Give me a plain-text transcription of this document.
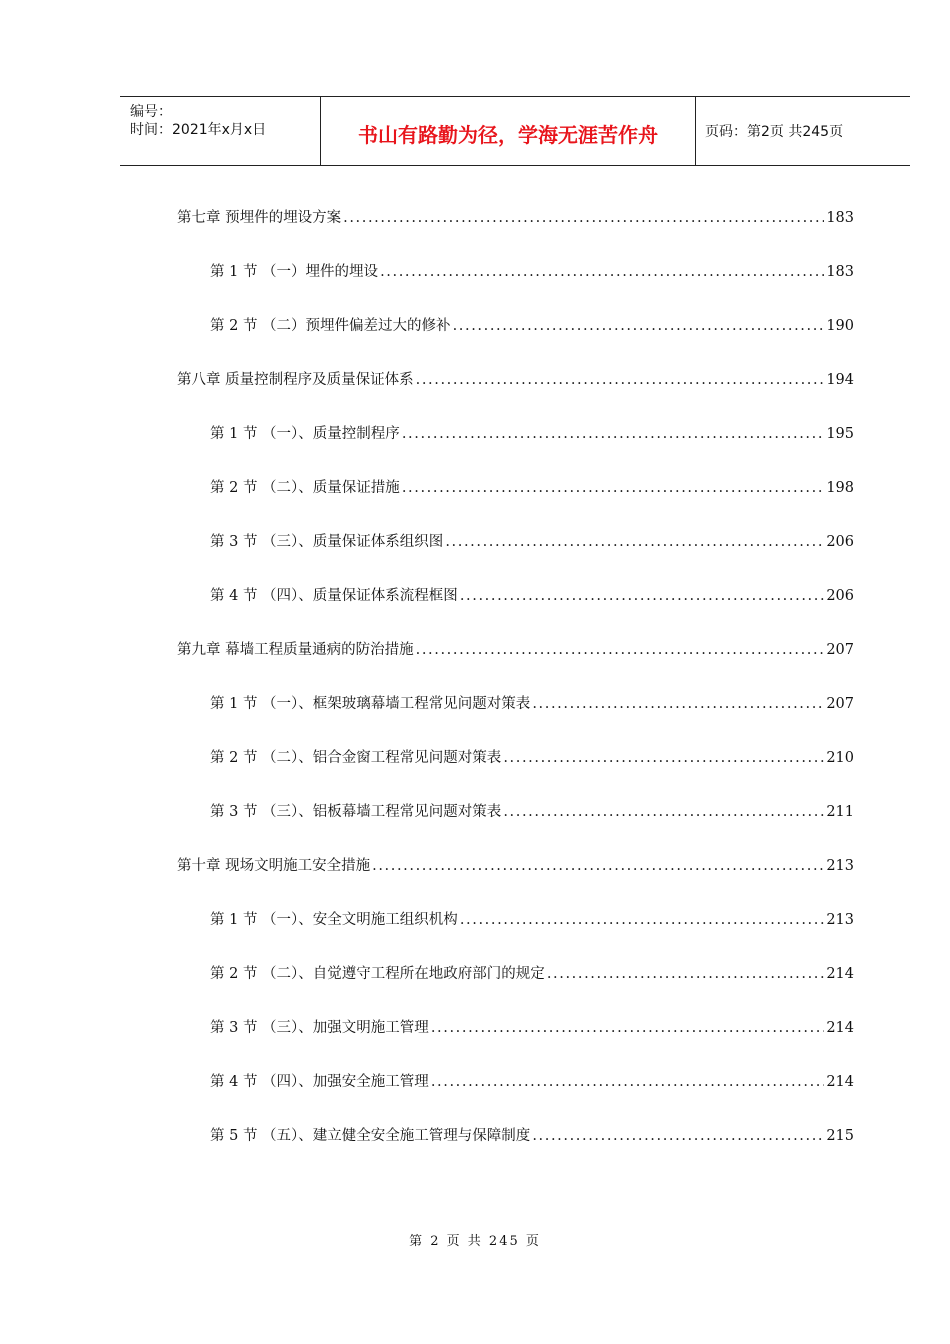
编号：
时间：2021年x月x日	书山有路勤为径，学海无涯苦作舟	页码：第2页 共245页
第七章 预埋件的埋设方案 .....	183
第 1 节 （一）埋件的埋设 .....	183
第 2 节 （二）预埋件偏差过大的修补 .....	190
第八章 质量控制程序及质量保证体系 .....	194
第 1 节 （一）、质量控制程序 .....	195
第 2 节 （二）、质量保证措施 .....	198
第 3 节 （三）、质量保证体系组织图 .....	206
第 4 节 （四）、质量保证体系流程框图 .....	206
第九章 幕墙工程质量通病的防治措施 .....	207
第 1 节 （一）、框架玻璃幕墙工程常见问题对策表 .....	207
第 2 节 （二）、铝合金窗工程常见问题对策表 .....	210
第 3 节 （三）、铝板幕墙工程常见问题对策表 .....	211
第十章 现场文明施工安全措施 .....	213
第 1 节 （一）、安全文明施工组织机构 .....	213
第 2 节 （二）、自觉遵守工程所在地政府部门的规定 .....	214
第 3 节 （三）、加强文明施工管理 .....	214
第 4 节 （四）、加强安全施工管理 .....	214
第 5 节 （五）、建立健全安全施工管理与保障制度 .....	215
第 2 页 共 245 页
